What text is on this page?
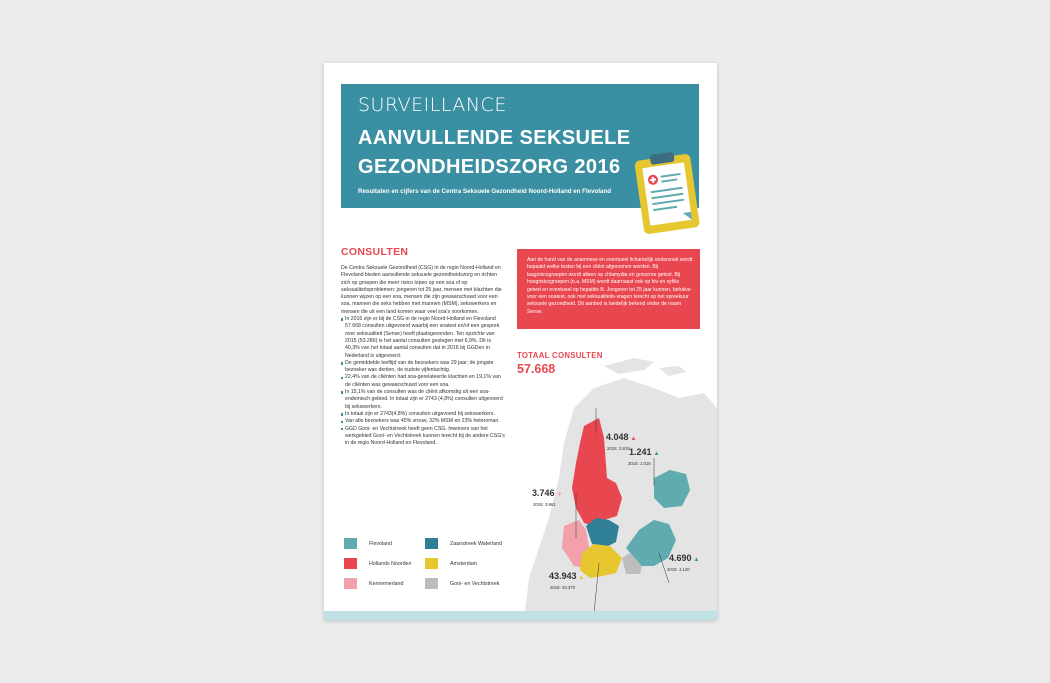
SURVEILLANCE
AANVULLENDE SEKSUELE GEZONDHEIDSZORG 2016
Resultaten en cijfers van de Centra Seksuele Gezondheid Noord-Holland en Flevoland
CONSULTEN

De Centra Seksuele Gezondheid (CSG) in de regio Noord-Holland en Flevoland bieden aanvullende seksuele gezondheidszorg en richten zich op groepen die meer risico lopen op een soa of op seksualiteitsproblemen: jongeren tot 25 jaar, mensen met klachten die kunnen wijzen op een soa, mensen die zijn gewaarschuwd voor een soa, mannen die seks hebben met mannen (MSM), sekswerkers en mensen die uit een land komen waar veel soa's voorkomen.

In 2016 zijn er bij de CSG in de regio Noord-Holland en Flevoland 57.668 consulten uitgevoerd waarbij een soatest en/of een gesprek over seksualiteit (Sense) heeft plaatsgevonden. Ten opzichte van 2015 (53.286) is het aantal consulten gestegen met 6,9%. Dit is 40,3% van het totaal aantal consulten dat in 2016 bij GGDen in Nederland is uitgevoerd.
De gemiddelde leeftijd van de bezoekers was 29 jaar; de jongste bezoeker was dertien, de oudste vijfentachtig.
22,4% van de cliënten had soa-gerelateerde klachten en 19,1% van de cliënten was gewaarschuwd voor een soa.
In 15,1% van de consulten was de cliënt afkomstig uit een soa-endemisch gebied. In totaal zijn er 2743 (4,8%) consulten uitgevoerd bij sekswerkers.
In totaal zijn er 2743(4,8%) consulten uitgevoerd bij sekswerkers.
Van alle bezoekers was 45% vrouw, 32% MSM en 23% heteroman.
GGD Gooi- en Vechtstreek heeft geen CSG. Inwoners van het werkgebied Gooi- en Vechtstreek kunnen terecht bij de andere CSG's in de regio Noord-Holland en Flevoland.
Aan de hand van de anamnese en eventueel lichamelijk onderzoek wordt bepaald welke testen bij een cliënt afgenomen worden. Bij laagrisicogroepen wordt alleen op chlamydia en gonorroe getest. Bij hoogrisicogroepen (o.a. MSM) wordt daarnaast ook op hiv en syfilis getest en eventueel op hepatitis B. Jongeren tot 25 jaar kunnen, behalve voor een soatest, ook met seksualiteits-vragen terecht op het spreekuur seksuele gezondheid. Dit aanbod is landelijk bekend onder de naam Sense.
TOTAAL CONSULTEN
57.668
4.048 ▲
2015: 3.819 1.241 ▲
2015: 1.016
3.746 ▼
2015: 3.961
43.943 ▲
2015: 40.370
4.690 ▲
2015: 4.120
Flevoland	Zaanstreek Waterland
Hollands Noorden	Amsterdam
Kennemerland	Gooi- en Vechtstreek
